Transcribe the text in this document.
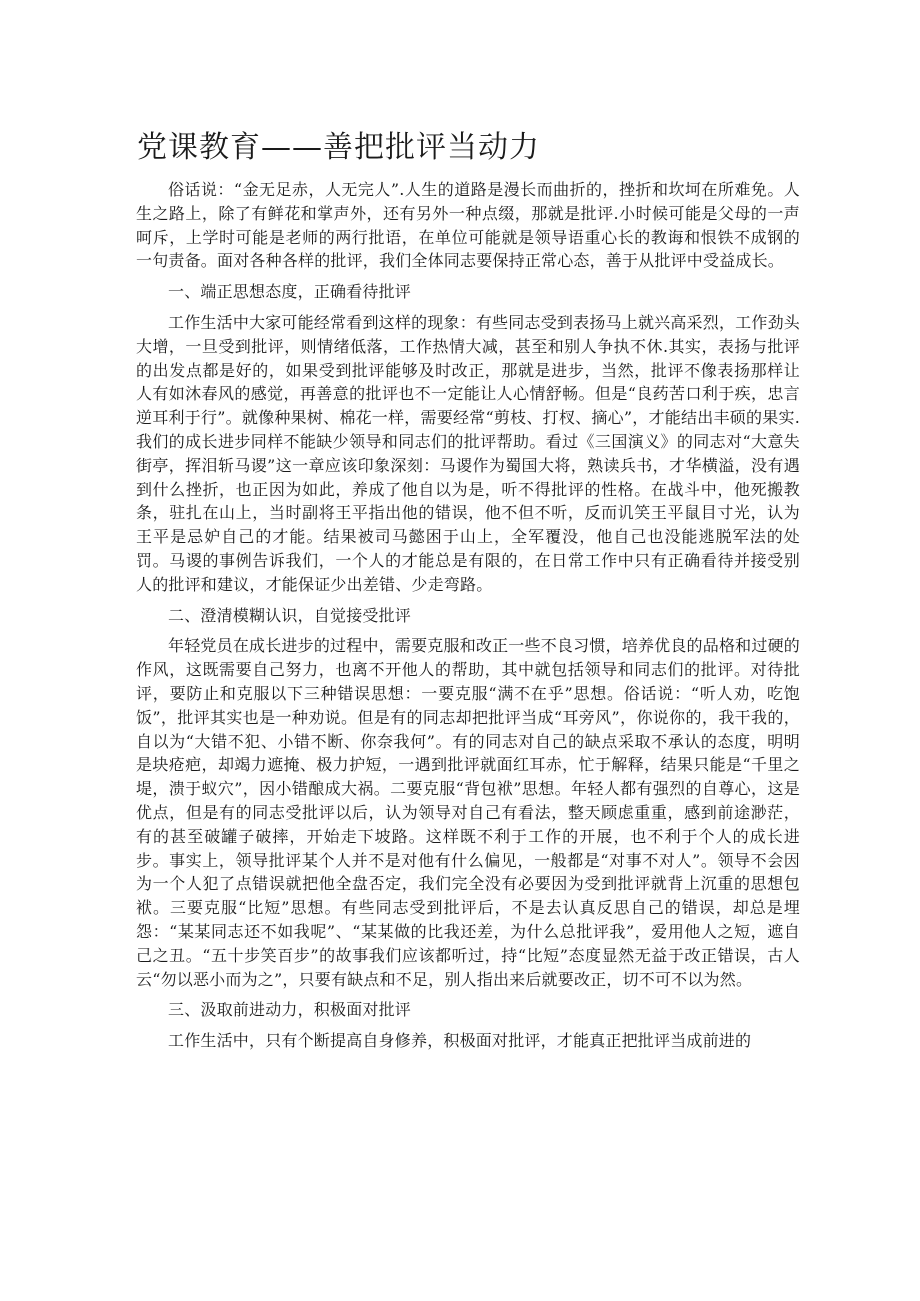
党课教育——善把批评当动力

俗话说：“金无足赤，人无完人”.人生的道路是漫长而曲折的，挫折和坎坷在所难免。人生之路上，除了有鲜花和掌声外，还有另外一种点缀，那就是批评.小时候可能是父母的一声呵斥，上学时可能是老师的两行批语，在单位可能就是领导语重心长的教诲和恨铁不成钢的一句责备。面对各种各样的批评，我们全体同志要保持正常心态，善于从批评中受益成长。

一、端正思想态度，正确看待批评

工作生活中大家可能经常看到这样的现象：有些同志受到表扬马上就兴高采烈，工作劲头大增，一旦受到批评，则情绪低落，工作热情大减，甚至和别人争执不休.其实，表扬与批评的出发点都是好的，如果受到批评能够及时改正，那就是进步，当然，批评不像表扬那样让人有如沐春风的感觉，再善意的批评也不一定能让人心情舒畅。但是“良药苦口利于疾，忠言逆耳利于行”。就像种果树、棉花一样，需要经常“剪枝、打杈、摘心”，才能结出丰硕的果实.我们的成长进步同样不能缺少领导和同志们的批评帮助。看过《三国演义》的同志对“大意失街亭，挥泪斩马谡”这一章应该印象深刻：马谡作为蜀国大将，熟读兵书，才华横溢，没有遇到什么挫折，也正因为如此，养成了他自以为是，听不得批评的性格。在战斗中，他死搬教条，驻扎在山上，当时副将王平指出他的错误，他不但不听，反而讥笑王平鼠目寸光，认为王平是忌妒自己的才能。结果被司马懿困于山上，全军覆没，他自己也没能逃脱军法的处罚。马谡的事例告诉我们，一个人的才能总是有限的，在日常工作中只有正确看待并接受别人的批评和建议，才能保证少出差错、少走弯路。

二、澄清模糊认识，自觉接受批评

年轻党员在成长进步的过程中，需要克服和改正一些不良习惯，培养优良的品格和过硬的作风，这既需要自己努力，也离不开他人的帮助，其中就包括领导和同志们的批评。对待批评，要防止和克服以下三种错误思想：一要克服“满不在乎”思想。俗话说：“听人劝，吃饱饭”，批评其实也是一种劝说。但是有的同志却把批评当成“耳旁风”，你说你的，我干我的，自以为“大错不犯、小错不断、你奈我何”。有的同志对自己的缺点采取不承认的态度，明明是块疮疤，却竭力遮掩、极力护短，一遇到批评就面红耳赤，忙于解释，结果只能是“千里之堤，溃于蚁穴”，因小错酿成大祸。二要克服“背包袱”思想。年轻人都有强烈的自尊心，这是优点，但是有的同志受批评以后，认为领导对自己有看法，整天顾虑重重，感到前途渺茫，有的甚至破罐子破摔，开始走下坡路。这样既不利于工作的开展，也不利于个人的成长进步。事实上，领导批评某个人并不是对他有什么偏见，一般都是“对事不对人”。领导不会因为一个人犯了点错误就把他全盘否定，我们完全没有必要因为受到批评就背上沉重的思想包袱。三要克服“比短”思想。有些同志受到批评后，不是去认真反思自己的错误，却总是埋怨：“某某同志还不如我呢”、“某某做的比我还差，为什么总批评我”，爱用他人之短，遮自己之丑。“五十步笑百步”的故事我们应该都听过，持“比短”态度显然无益于改正错误，古人云“勿以恶小而为之”，只要有缺点和不足，别人指出来后就要改正，切不可不以为然。

三、汲取前进动力，积极面对批评

工作生活中，只有个断提高自身修养，积极面对批评，才能真正把批评当成前进的
